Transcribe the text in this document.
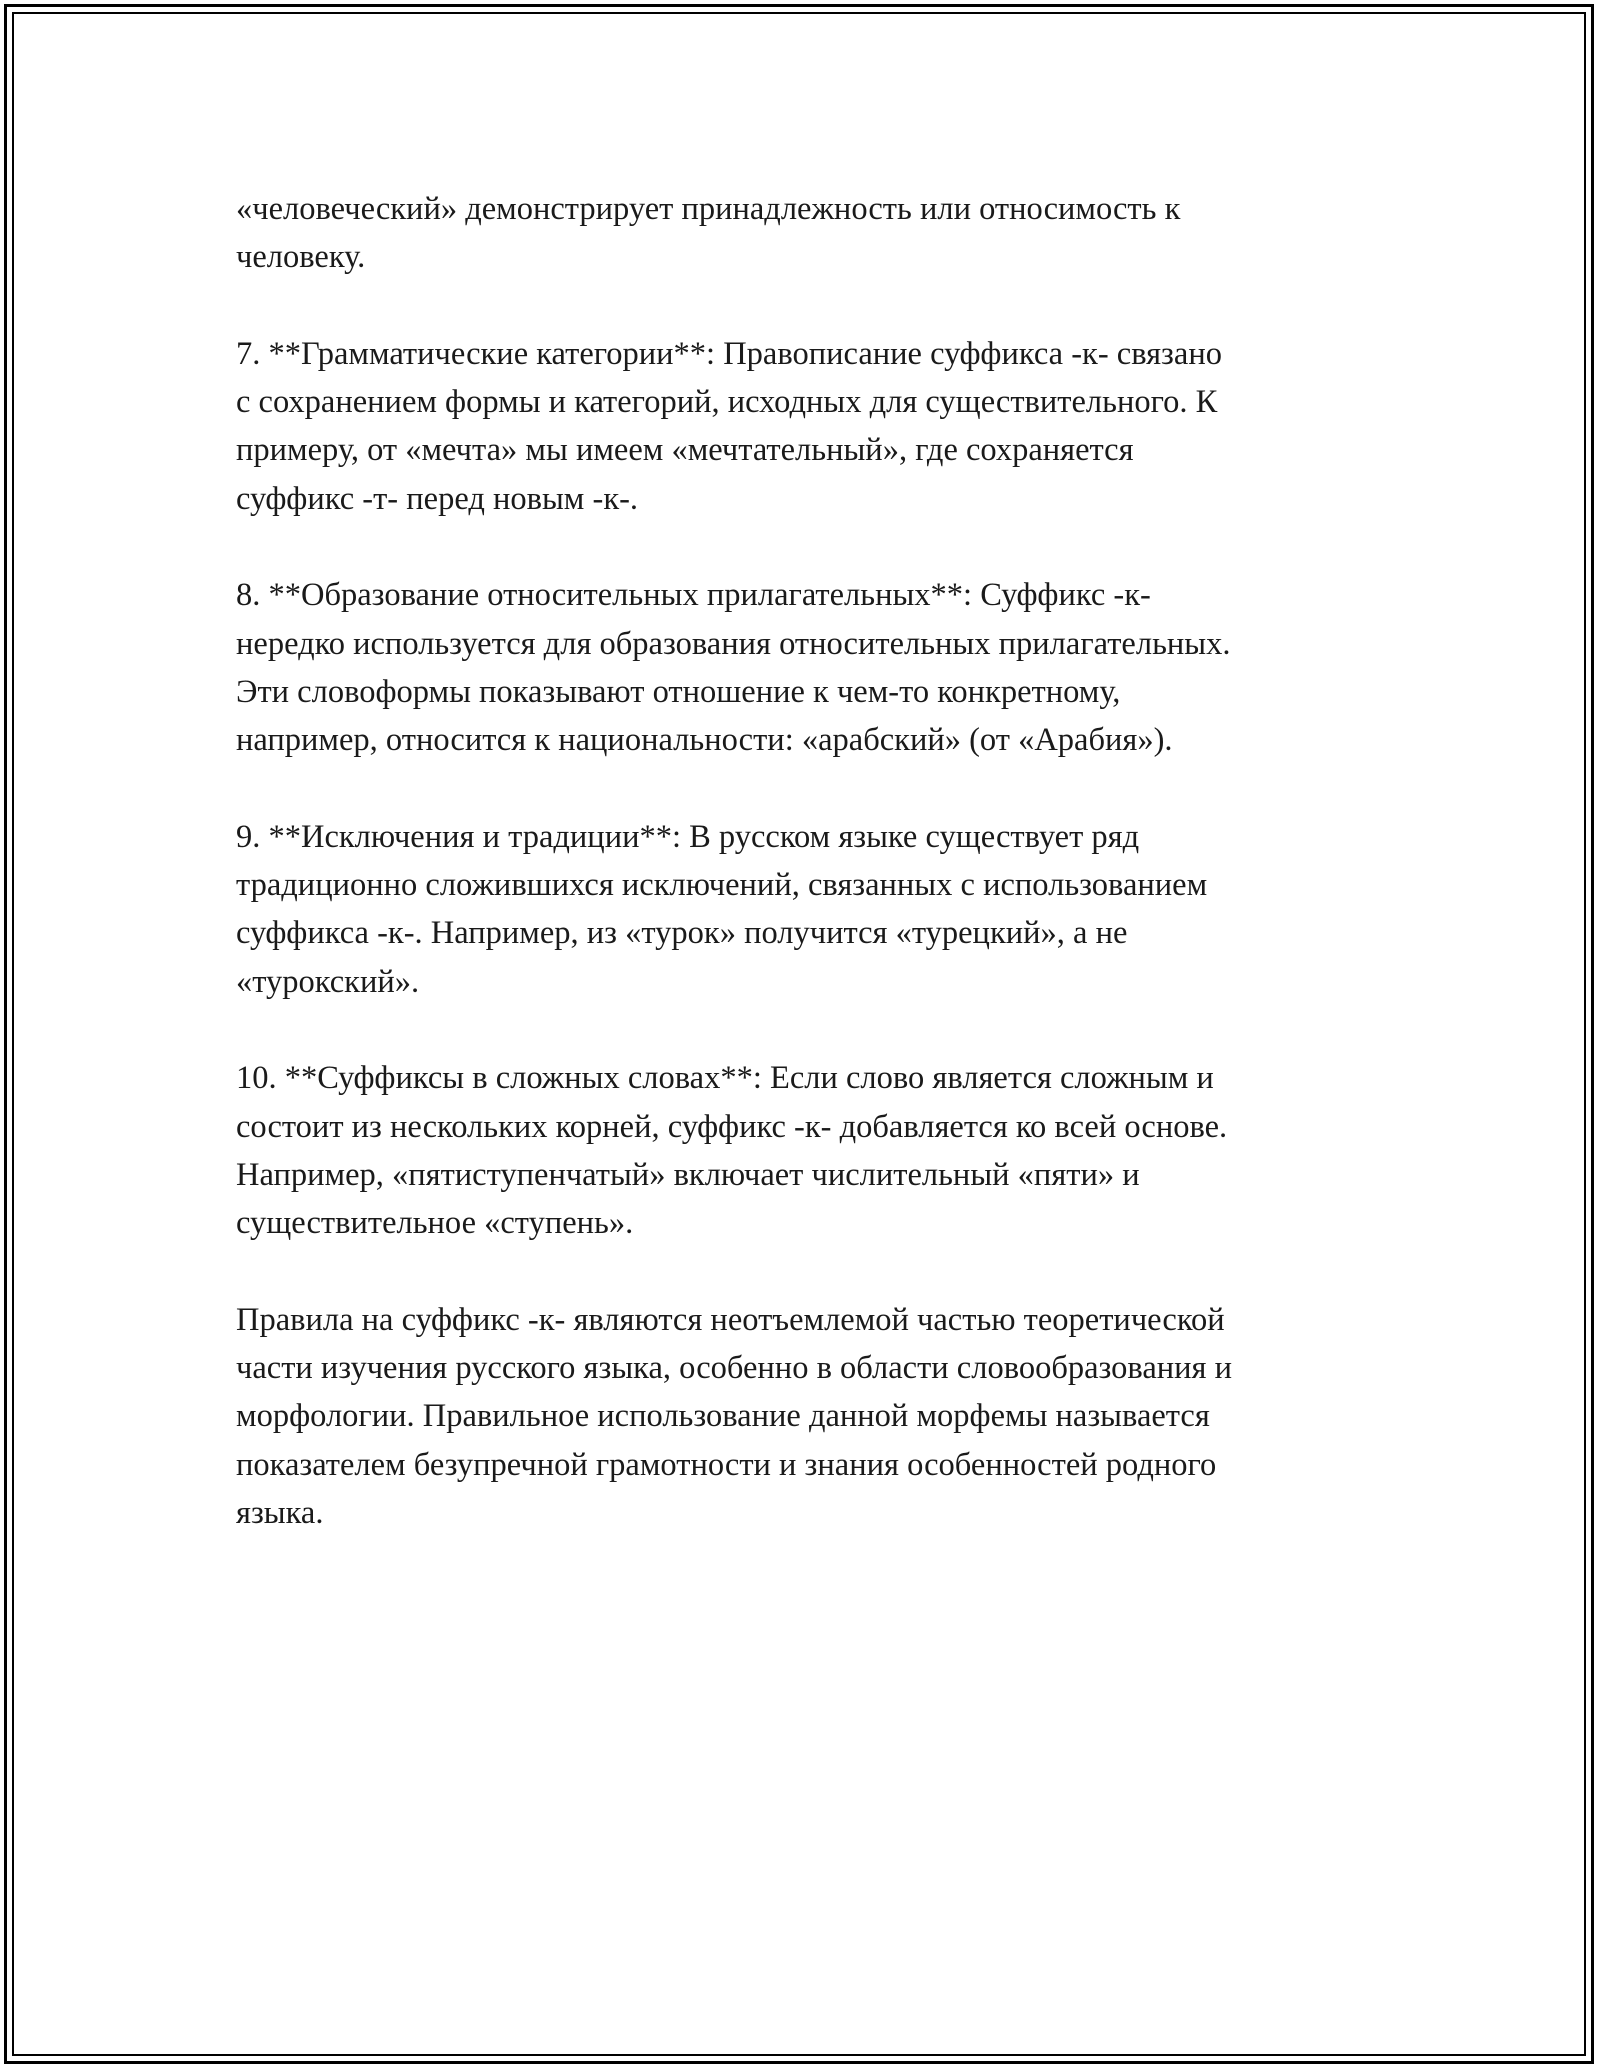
«человеческий» демонстрирует принадлежность или относимость к
человеку.

7. **Грамматические категории**: Правописание суффикса -к- связано
с сохранением формы и категорий, исходных для существительного. К
примеру, от «мечта» мы имеем «мечтательный», где сохраняется
суффикс -т- перед новым -к-.

8. **Образование относительных прилагательных**: Суффикс -к-
нередко используется для образования относительных прилагательных.
Эти словоформы показывают отношение к чем-то конкретному,
например, относится к национальности: «арабский» (от «Арабия»).

9. **Исключения и традиции**: В русском языке существует ряд
традиционно сложившихся исключений, связанных с использованием
суффикса -к-. Например, из «турок» получится «турецкий», а не
«турокский».

10. **Суффиксы в сложных словах**: Если слово является сложным и
состоит из нескольких корней, суффикс -к- добавляется ко всей основе.
Например, «пятиступенчатый» включает числительный «пяти» и
существительное «ступень».

Правила на суффикс -к- являются неотъемлемой частью теоретической
части изучения русского языка, особенно в области словообразования и
морфологии. Правильное использование данной морфемы называется
показателем безупречной грамотности и знания особенностей родного
языка.
